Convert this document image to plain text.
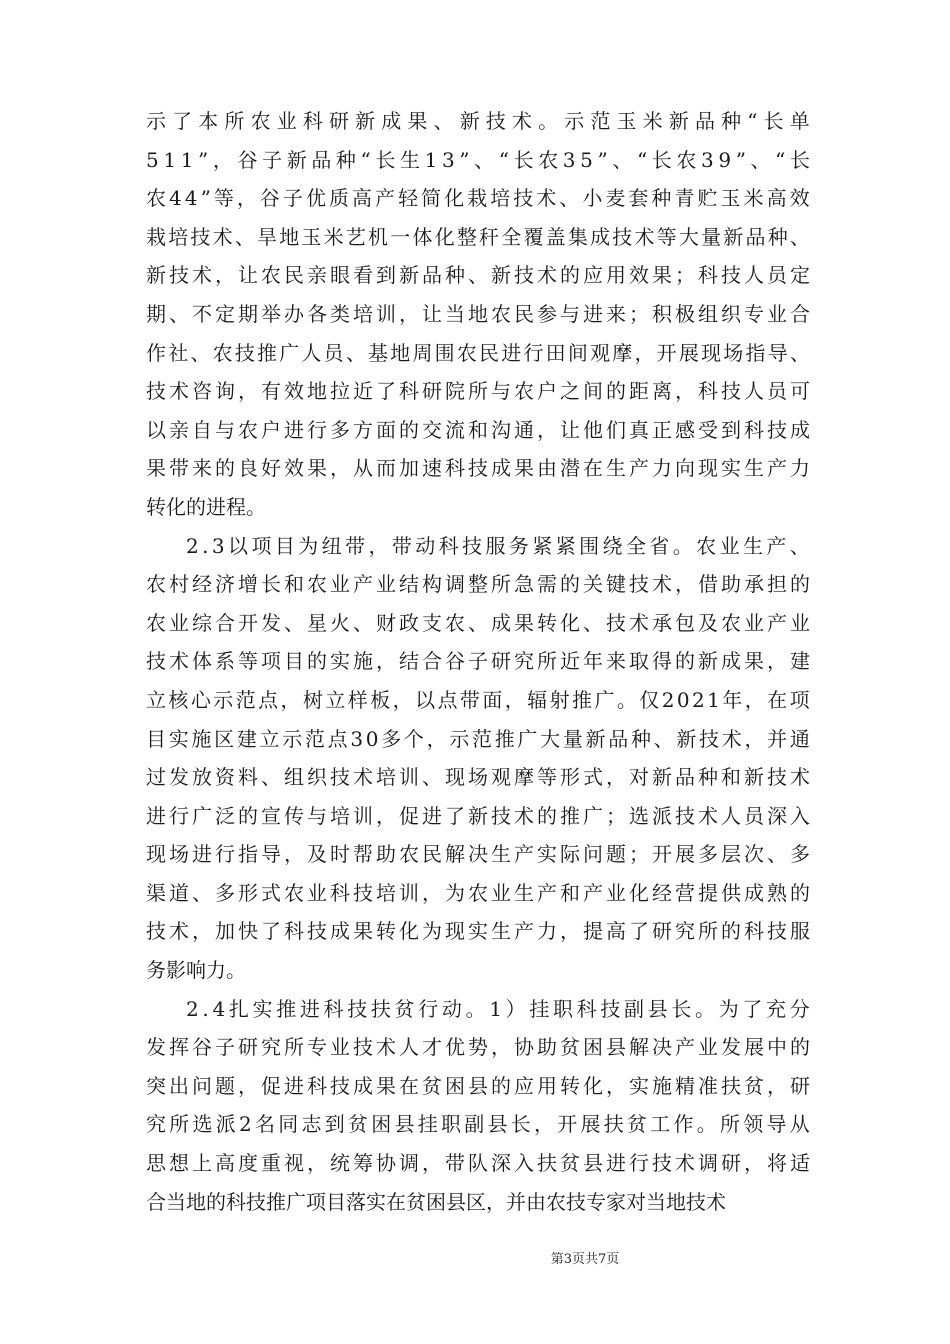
示 了 本 所 农 业 科 研 新 成 果 、 新 技 术 。 示 范 玉 米 新 品 种 “ 长 单
5 1 1 ” ， 谷 子 新 品 种 “ 长 生 1 3 ” 、 “ 长 农 3 5 ” 、 “ 长 农 3 9 ” 、 “ 长
农 4 4 ” 等 ， 谷 子 优 质 高 产 轻 简 化 栽 培 技 术 、 小 麦 套 种 青 贮 玉 米 高 效
栽 培 技 术 、 旱 地 玉 米 艺 机 一 体 化 整 秆 全 覆 盖 集 成 技 术 等 大 量 新 品 种 、
新 技 术 ， 让 农 民 亲 眼 看 到 新 品 种 、 新 技 术 的 应 用 效 果 ； 科 技 人 员 定
期 、 不 定 期 举 办 各 类 培 训 ， 让 当 地 农 民 参 与 进 来 ； 积 极 组 织 专 业 合
作 社 、 农 技 推 广 人 员 、 基 地 周 围 农 民 进 行 田 间 观 摩 ， 开 展 现 场 指 导 、
技 术 咨 询 ， 有 效 地 拉 近 了 科 研 院 所 与 农 户 之 间 的 距 离 ， 科 技 人 员 可
以 亲 自 与 农 户 进 行 多 方 面 的 交 流 和 沟 通 ， 让 他 们 真 正 感 受 到 科 技 成
果 带 来 的 良 好 效 果 ， 从 而 加 速 科 技 成 果 由 潜 在 生 产 力 向 现 实 生 产 力
转化的进程。
2 . 3 以 项 目 为 纽 带 ， 带 动 科 技 服 务 紧 紧 围 绕 全 省 。 农 业 生 产 、
农 村 经 济 增 长 和 农 业 产 业 结 构 调 整 所 急 需 的 关 键 技 术 ， 借 助 承 担 的
农 业 综 合 开 发 、 星 火 、 财 政 支 农 、 成 果 转 化 、 技 术 承 包 及 农 业 产 业
技 术 体 系 等 项 目 的 实 施 ， 结 合 谷 子 研 究 所 近 年 来 取 得 的 新 成 果 ， 建
立 核 心 示 范 点 ， 树 立 样 板 ， 以 点 带 面 ， 辐 射 推 广 。 仅 2 0 2 1 年 ， 在 项
目 实 施 区 建 立 示 范 点 3 0 多 个 ， 示 范 推 广 大 量 新 品 种 、 新 技 术 ， 并 通
过 发 放 资 料 、 组 织 技 术 培 训 、 现 场 观 摩 等 形 式 ， 对 新 品 种 和 新 技 术
进 行 广 泛 的 宣 传 与 培 训 ， 促 进 了 新 技 术 的 推 广 ； 选 派 技 术 人 员 深 入
现 场 进 行 指 导 ， 及 时 帮 助 农 民 解 决 生 产 实 际 问 题 ； 开 展 多 层 次 、 多
渠 道 、 多 形 式 农 业 科 技 培 训 ， 为 农 业 生 产 和 产 业 化 经 营 提 供 成 熟 的
技 术 ， 加 快 了 科 技 成 果 转 化 为 现 实 生 产 力 ， 提 高 了 研 究 所 的 科 技 服
务影响力。
2 . 4 扎 实 推 进 科 技 扶 贫 行 动 。 1 ） 挂 职 科 技 副 县 长 。 为 了 充 分
发 挥 谷 子 研 究 所 专 业 技 术 人 才 优 势 ， 协 助 贫 困 县 解 决 产 业 发 展 中 的
突 出 问 题 ， 促 进 科 技 成 果 在 贫 困 县 的 应 用 转 化 ， 实 施 精 准 扶 贫 ， 研
究 所 选 派 2 名 同 志 到 贫 困 县 挂 职 副 县 长 ， 开 展 扶 贫 工 作 。 所 领 导 从
思 想 上 高 度 重 视 ， 统 筹 协 调 ， 带 队 深 入 扶 贫 县 进 行 技 术 调 研 ， 将 适
合当地的科技推广项目落实在贫困县区，并由农技专家对当地技术
第3页共7页
